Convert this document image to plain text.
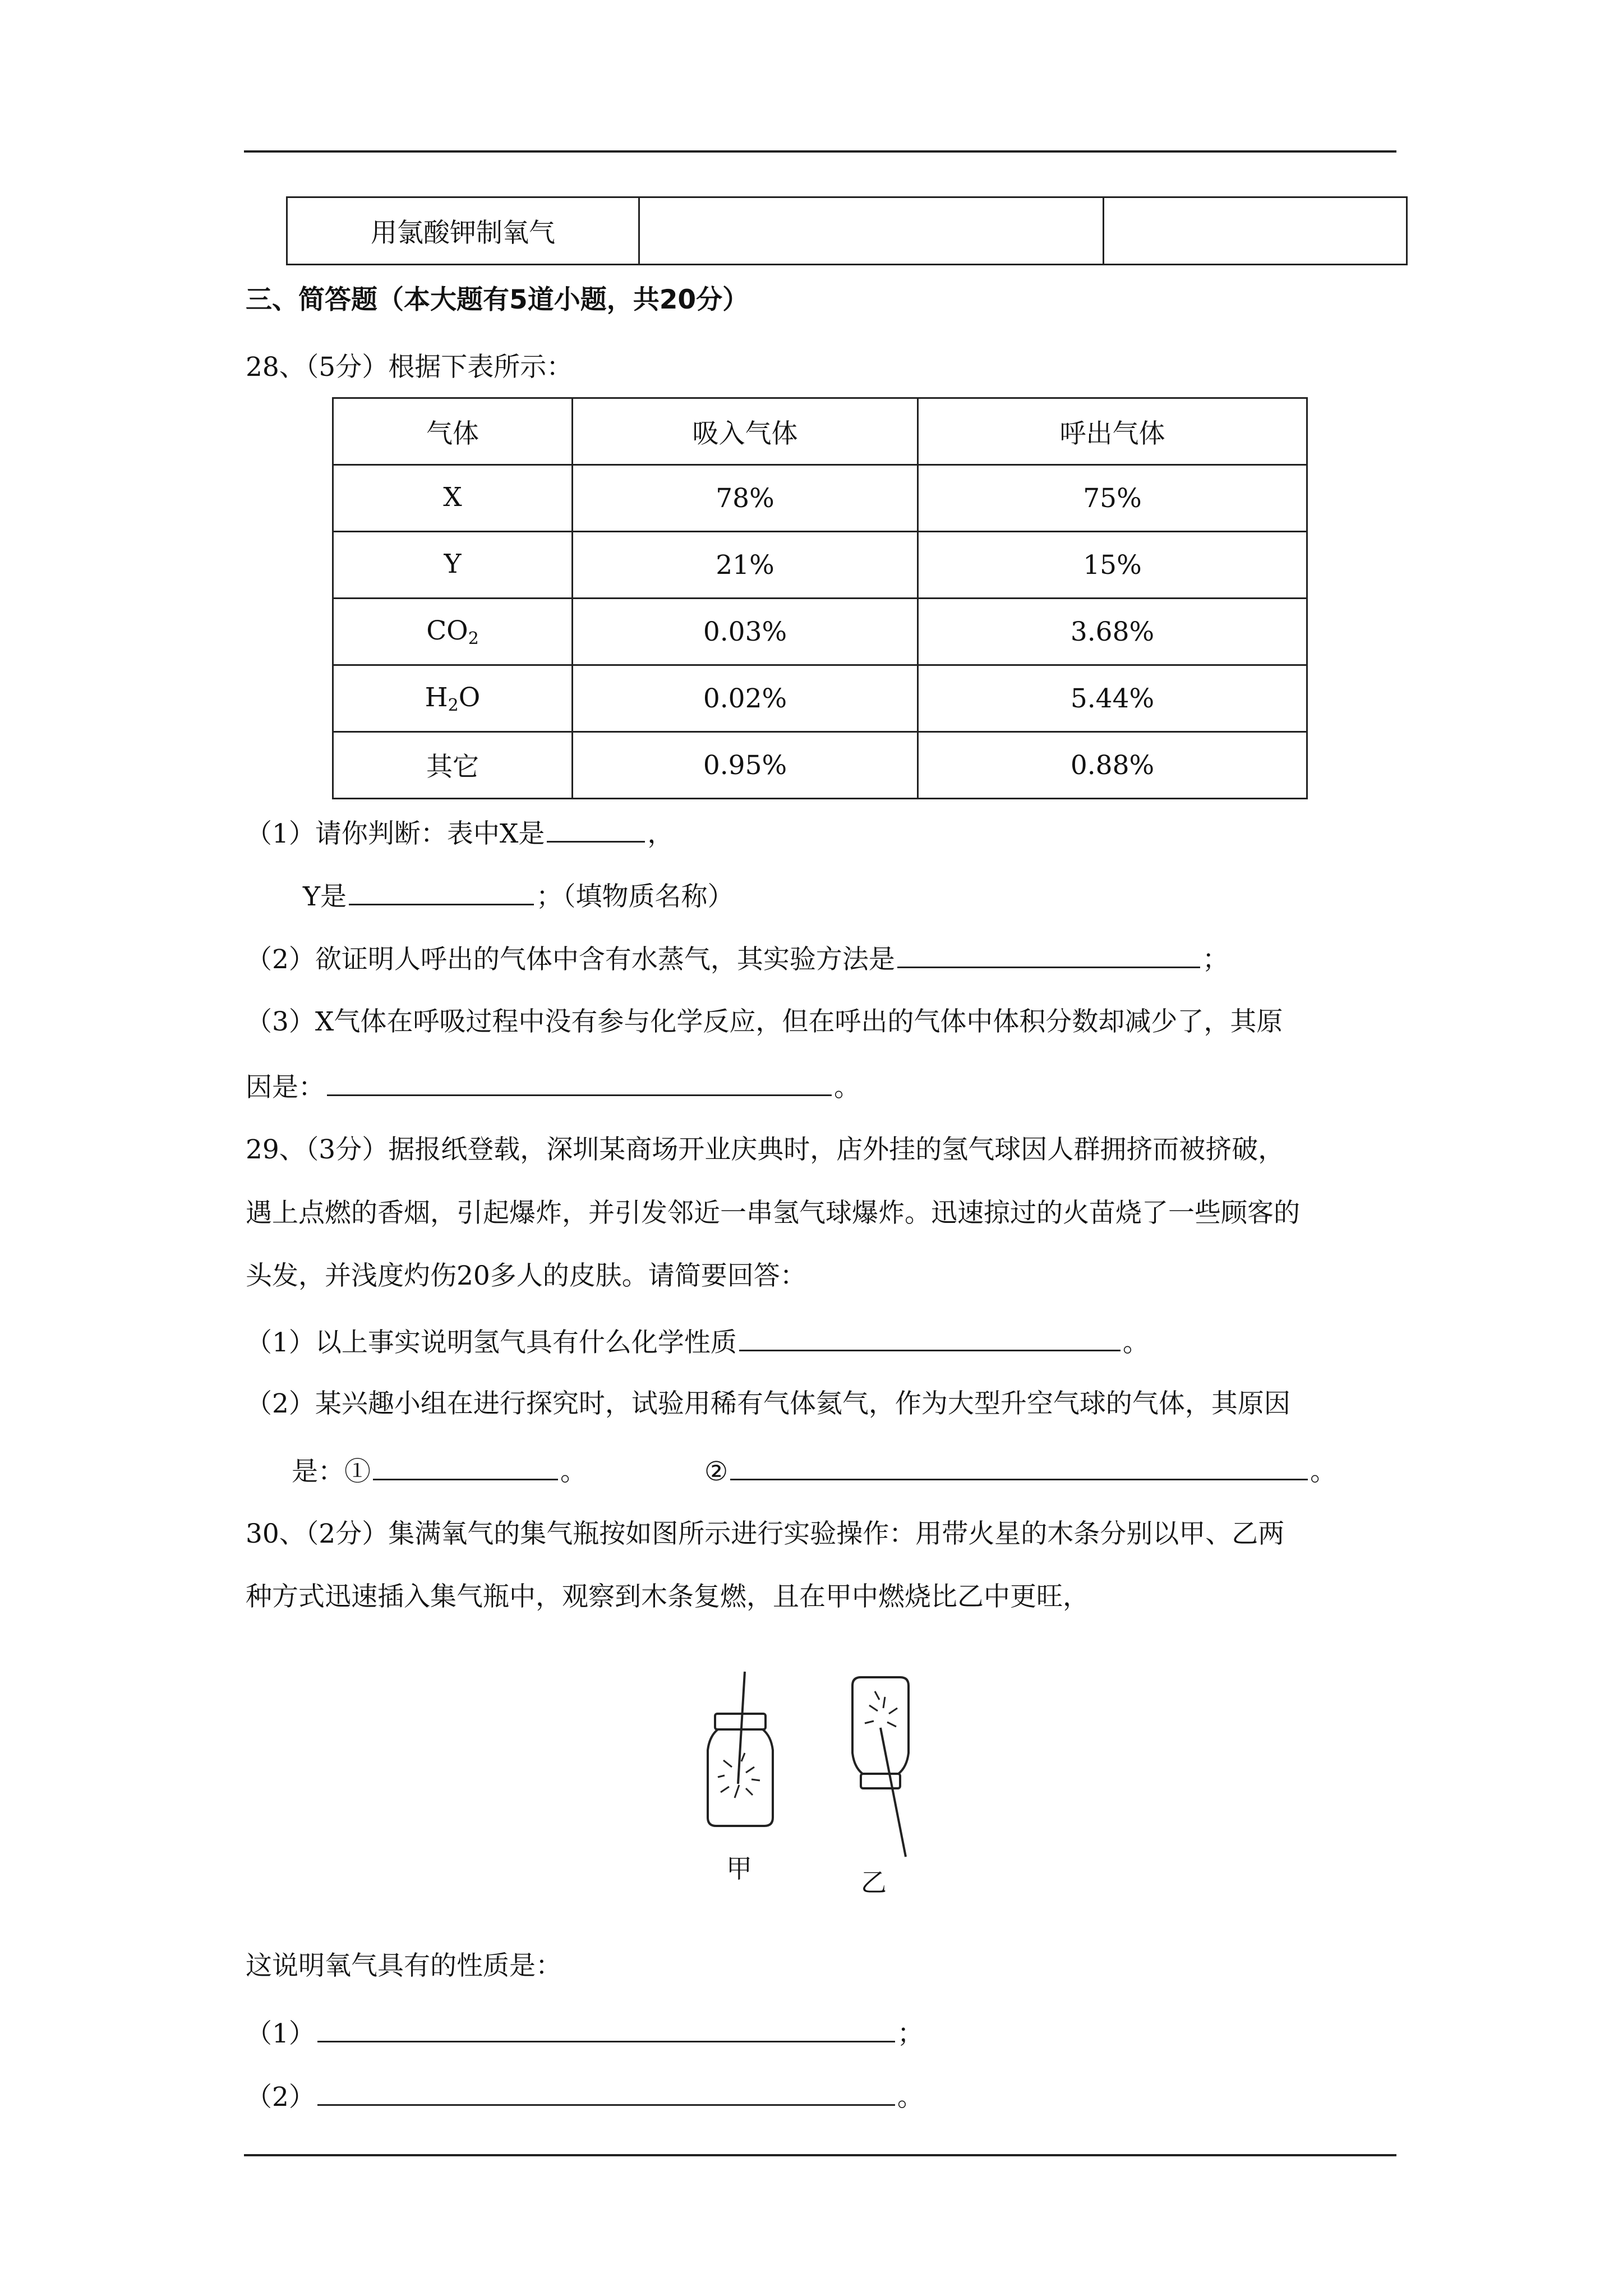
用氯酸钾制氧气		
三、简答题（本大题有5道小题，共20分）
28、（5分）根据下表所示：
气体	吸入气体	呼出气体
X	78%	75%
Y	21%	15%
$CO_2$	0.03%	3.68%
$H_2O$	0.02%	5.44%
其它	0.95%	0.88%
（1）请你判断：表中X是	，
Y是	；（填物质名称）
（2）欲证明人呼出的气体中含有水蒸气，其实验方法是	；
（3）X气体在呼吸过程中没有参与化学反应，但在呼出的气体中体积分数却减少了，其原
因是：	。
29、（3分）据报纸登载，深圳某商场开业庆典时，店外挂的氢气球因人群拥挤而被挤破，
遇上点燃的香烟，引起爆炸，并引发邻近一串氢气球爆炸。迅速掠过的火苗烧了一些顾客的
头发，并浅度灼伤20多人的皮肤。请简要回答：
（1）以上事实说明氢气具有什么化学性质	。
（2）某兴趣小组在进行探究时，试验用稀有气体氦气，作为大型升空气球的气体，其原因
是：①	。	②	。
30、（2分）集满氧气的集气瓶按如图所示进行实验操作：用带火星的木条分别以甲、乙两
种方式迅速插入集气瓶中，观察到木条复燃，且在甲中燃烧比乙中更旺，
甲	乙
这说明氧气具有的性质是：
（1）	；
（2）	。
